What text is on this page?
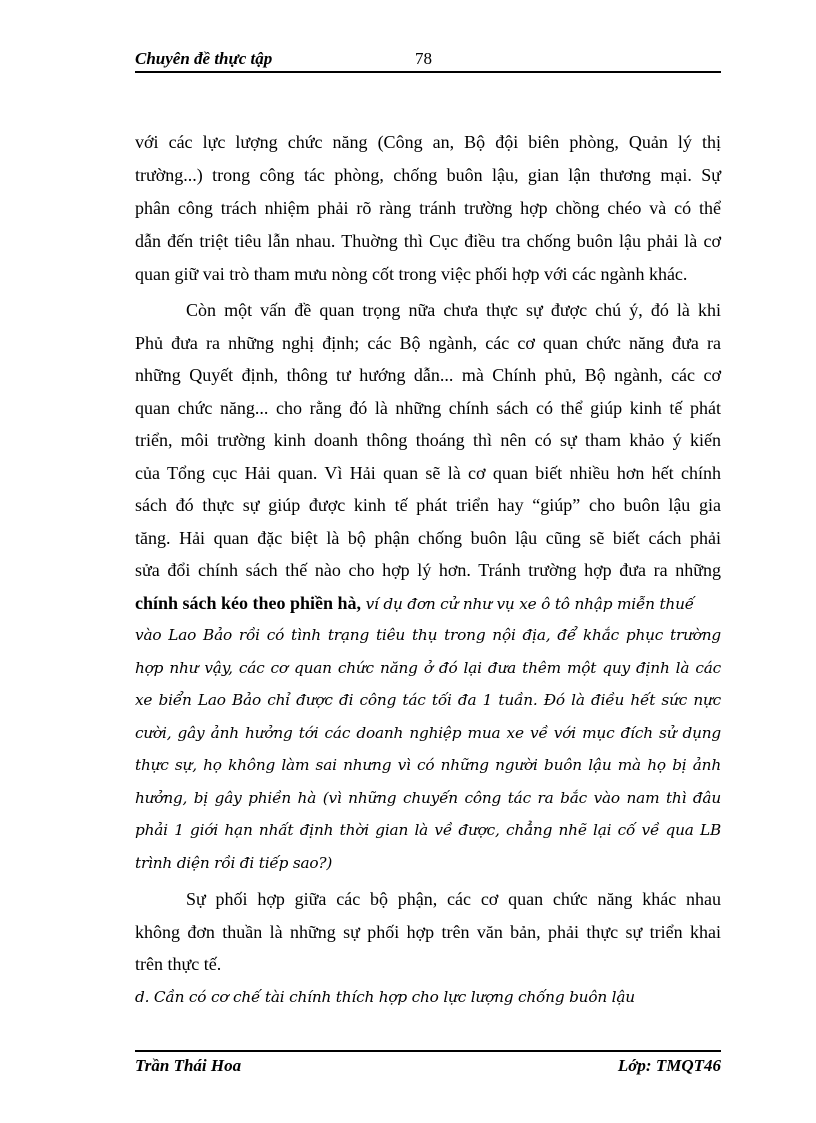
Chuyên đề thực tập	78
với các lực lượng chức năng (Công an, Bộ đội biên phòng, Quản lý thị
trường...) trong công tác phòng, chống buôn lậu, gian lận thương mại. Sự
phân công trách nhiệm phải rõ ràng tránh trường hợp chồng chéo và có thể
dẫn đến triệt tiêu lẫn nhau. Thuờng thì Cục điều tra chống buôn lậu phải là cơ
quan giữ vai trò tham mưu nòng cốt trong việc phối hợp với các ngành khác.
Còn một vấn đề quan trọng nữa chưa thực sự được chú ý, đó là khi
Phủ đưa ra những nghị định; các Bộ ngành, các cơ quan chức năng đưa ra
những Quyết định, thông tư hướng dẫn... mà Chính phủ, Bộ ngành, các cơ
quan chức năng... cho rằng đó là những chính sách có thể giúp kinh tế phát
triển, môi trường kinh doanh thông thoáng thì nên có sự tham khảo ý kiến
của Tổng cục Hải quan. Vì Hải quan sẽ là cơ quan biết nhiều hơn hết chính
sách đó thực sự giúp được kinh tế phát triển hay “giúp” cho buôn lậu gia
tăng. Hải quan đặc biệt là bộ phận chống buôn lậu cũng sẽ biết cách phải
sửa đổi chính sách thế nào cho hợp lý hơn. Tránh trường hợp đưa ra những
chính sách kéo theo phiền hà, ví dụ đơn cử như vụ xe ô tô nhập miễn thuế
vào Lao Bảo rồi có tình trạng tiêu thụ trong nội địa, để khắc phục trường
hợp như vậy, các cơ quan chức năng ở đó lại đưa thêm một quy định là các
xe biển Lao Bảo chỉ được đi công tác tối đa 1 tuần. Đó là điều hết sức nực
cười, gây ảnh hưởng tới các doanh nghiệp mua xe về với mục đích sử dụng
thực sự, họ không làm sai nhưng vì có những người buôn lậu mà họ bị ảnh
hưởng, bị gây phiền hà (vì những chuyến công tác ra bắc vào nam thì đâu
phải 1 giới hạn nhất định thời gian là về được, chẳng nhẽ lại cố về qua LB
trình diện rồi đi tiếp sao?)
Sự phối hợp giữa các bộ phận, các cơ quan chức năng khác nhau
không đơn thuần là những sự phối hợp trên văn bản, phải thực sự triển khai
trên thực tế.
d. Cần có cơ chế tài chính thích hợp cho lực lượng chống buôn lậu
Trần Thái Hoa	Lớp: TMQT46
